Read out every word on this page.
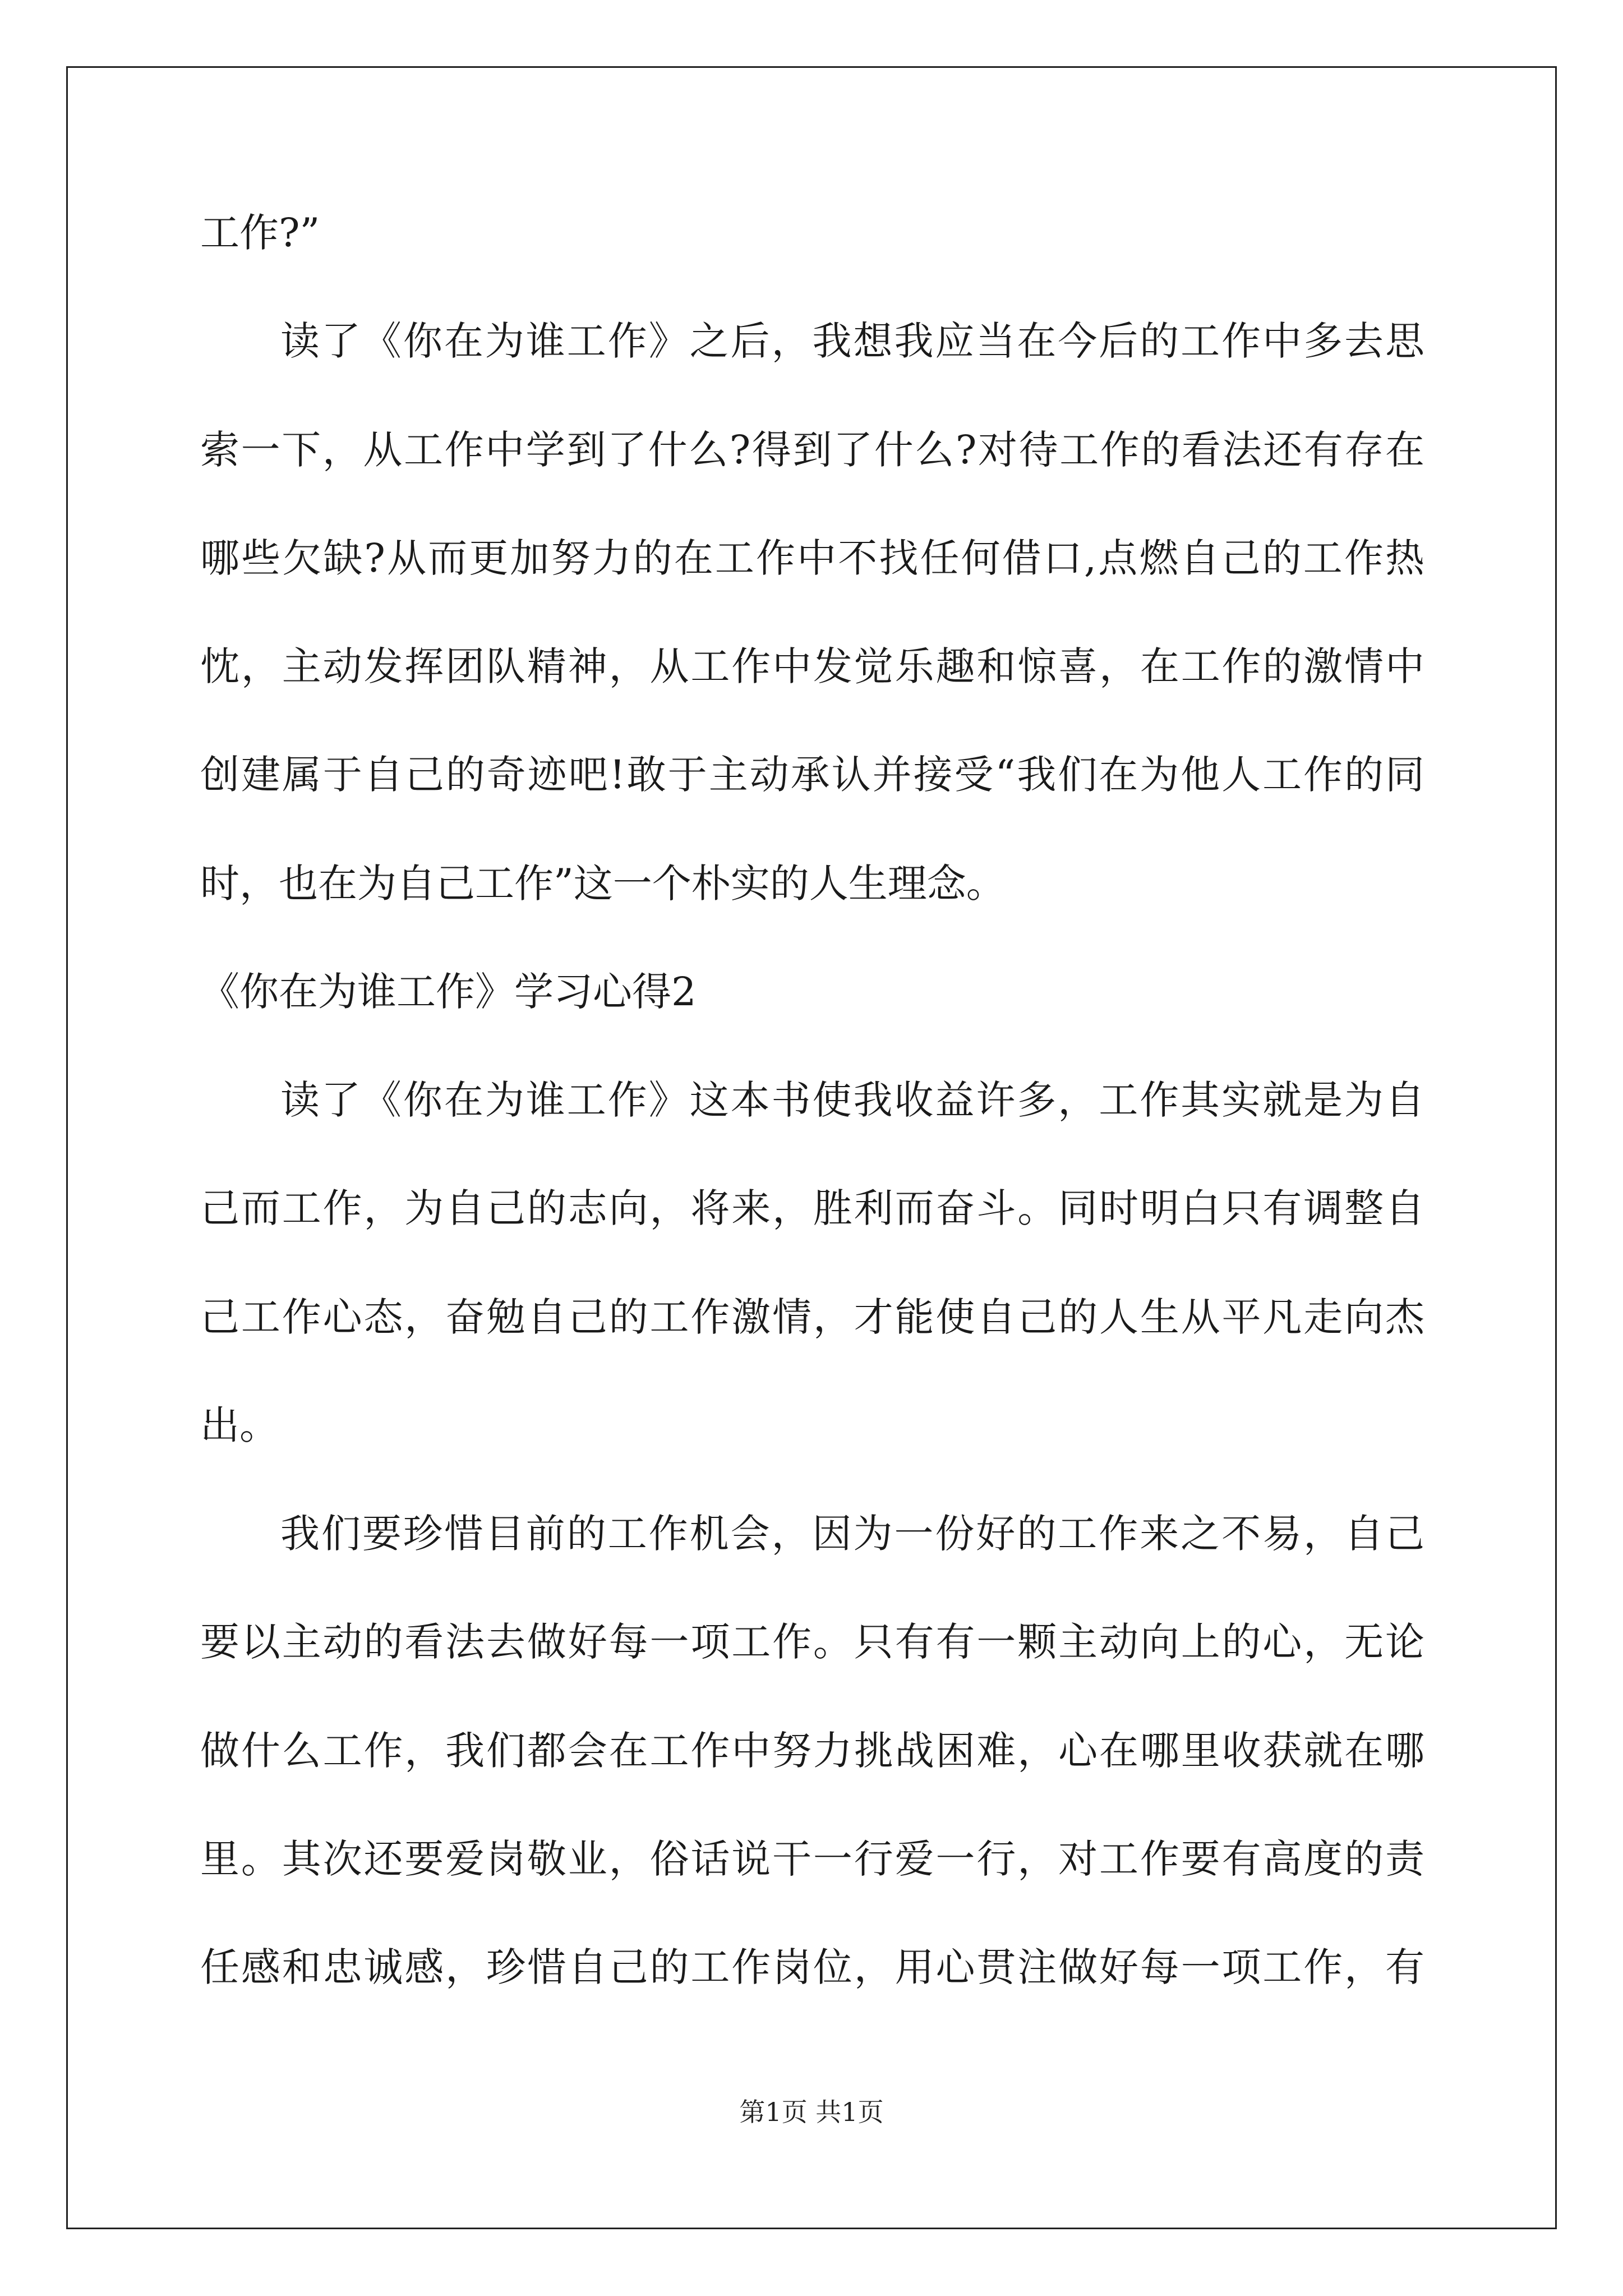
工作?”
读了《你在为谁工作》之后，我想我应当在今后的工作中多去思
索一下，从工作中学到了什么?得到了什么?对待工作的看法还有存在
哪些欠缺?从而更加努力的在工作中不找任何借口,点燃自己的工作热
忱，主动发挥团队精神，从工作中发觉乐趣和惊喜，在工作的激情中
创建属于自己的奇迹吧!敢于主动承认并接受“我们在为他人工作的同
时，也在为自己工作”这一个朴实的人生理念。
《你在为谁工作》学习心得2
读了《你在为谁工作》这本书使我收益许多，工作其实就是为自
己而工作，为自己的志向，将来，胜利而奋斗。同时明白只有调整自
己工作心态，奋勉自己的工作激情，才能使自己的人生从平凡走向杰
出。
我们要珍惜目前的工作机会，因为一份好的工作来之不易，自己
要以主动的看法去做好每一项工作。只有有一颗主动向上的心，无论
做什么工作，我们都会在工作中努力挑战困难，心在哪里收获就在哪
里。其次还要爱岗敬业，俗话说干一行爱一行，对工作要有高度的责
任感和忠诚感，珍惜自己的工作岗位，用心贯注做好每一项工作，有
第1页 共1页
